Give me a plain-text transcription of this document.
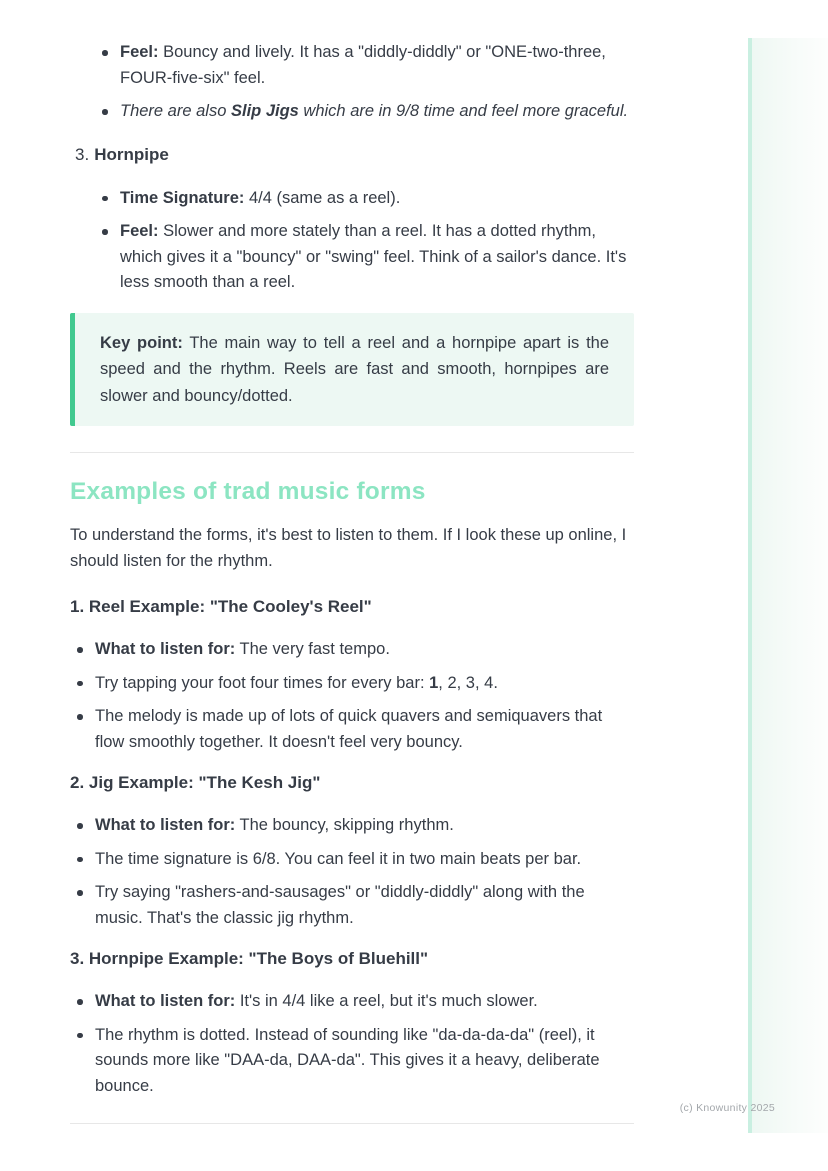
Feel: Bouncy and lively. It has a "diddly-diddly" or "ONE-two-three, FOUR-five-six" feel.
There are also Slip Jigs which are in 9/8 time and feel more graceful.
3. Hornpipe
Time Signature: 4/4 (same as a reel).
Feel: Slower and more stately than a reel. It has a dotted rhythm, which gives it a "bouncy" or "swing" feel. Think of a sailor's dance. It's less smooth than a reel.
Key point: The main way to tell a reel and a hornpipe apart is the speed and the rhythm. Reels are fast and smooth, hornpipes are slower and bouncy/dotted.
Examples of trad music forms
To understand the forms, it's best to listen to them. If I look these up online, I should listen for the rhythm.
1. Reel Example: "The Cooley's Reel"
What to listen for: The very fast tempo.
Try tapping your foot four times for every bar: 1, 2, 3, 4.
The melody is made up of lots of quick quavers and semiquavers that flow smoothly together. It doesn't feel very bouncy.
2. Jig Example: "The Kesh Jig"
What to listen for: The bouncy, skipping rhythm.
The time signature is 6/8. You can feel it in two main beats per bar.
Try saying "rashers-and-sausages" or "diddly-diddly" along with the music. That's the classic jig rhythm.
3. Hornpipe Example: "The Boys of Bluehill"
What to listen for: It's in 4/4 like a reel, but it's much slower.
The rhythm is dotted. Instead of sounding like "da-da-da-da" (reel), it sounds more like "DAA-da, DAA-da". This gives it a heavy, deliberate bounce.
(c) Knowunity 2025
